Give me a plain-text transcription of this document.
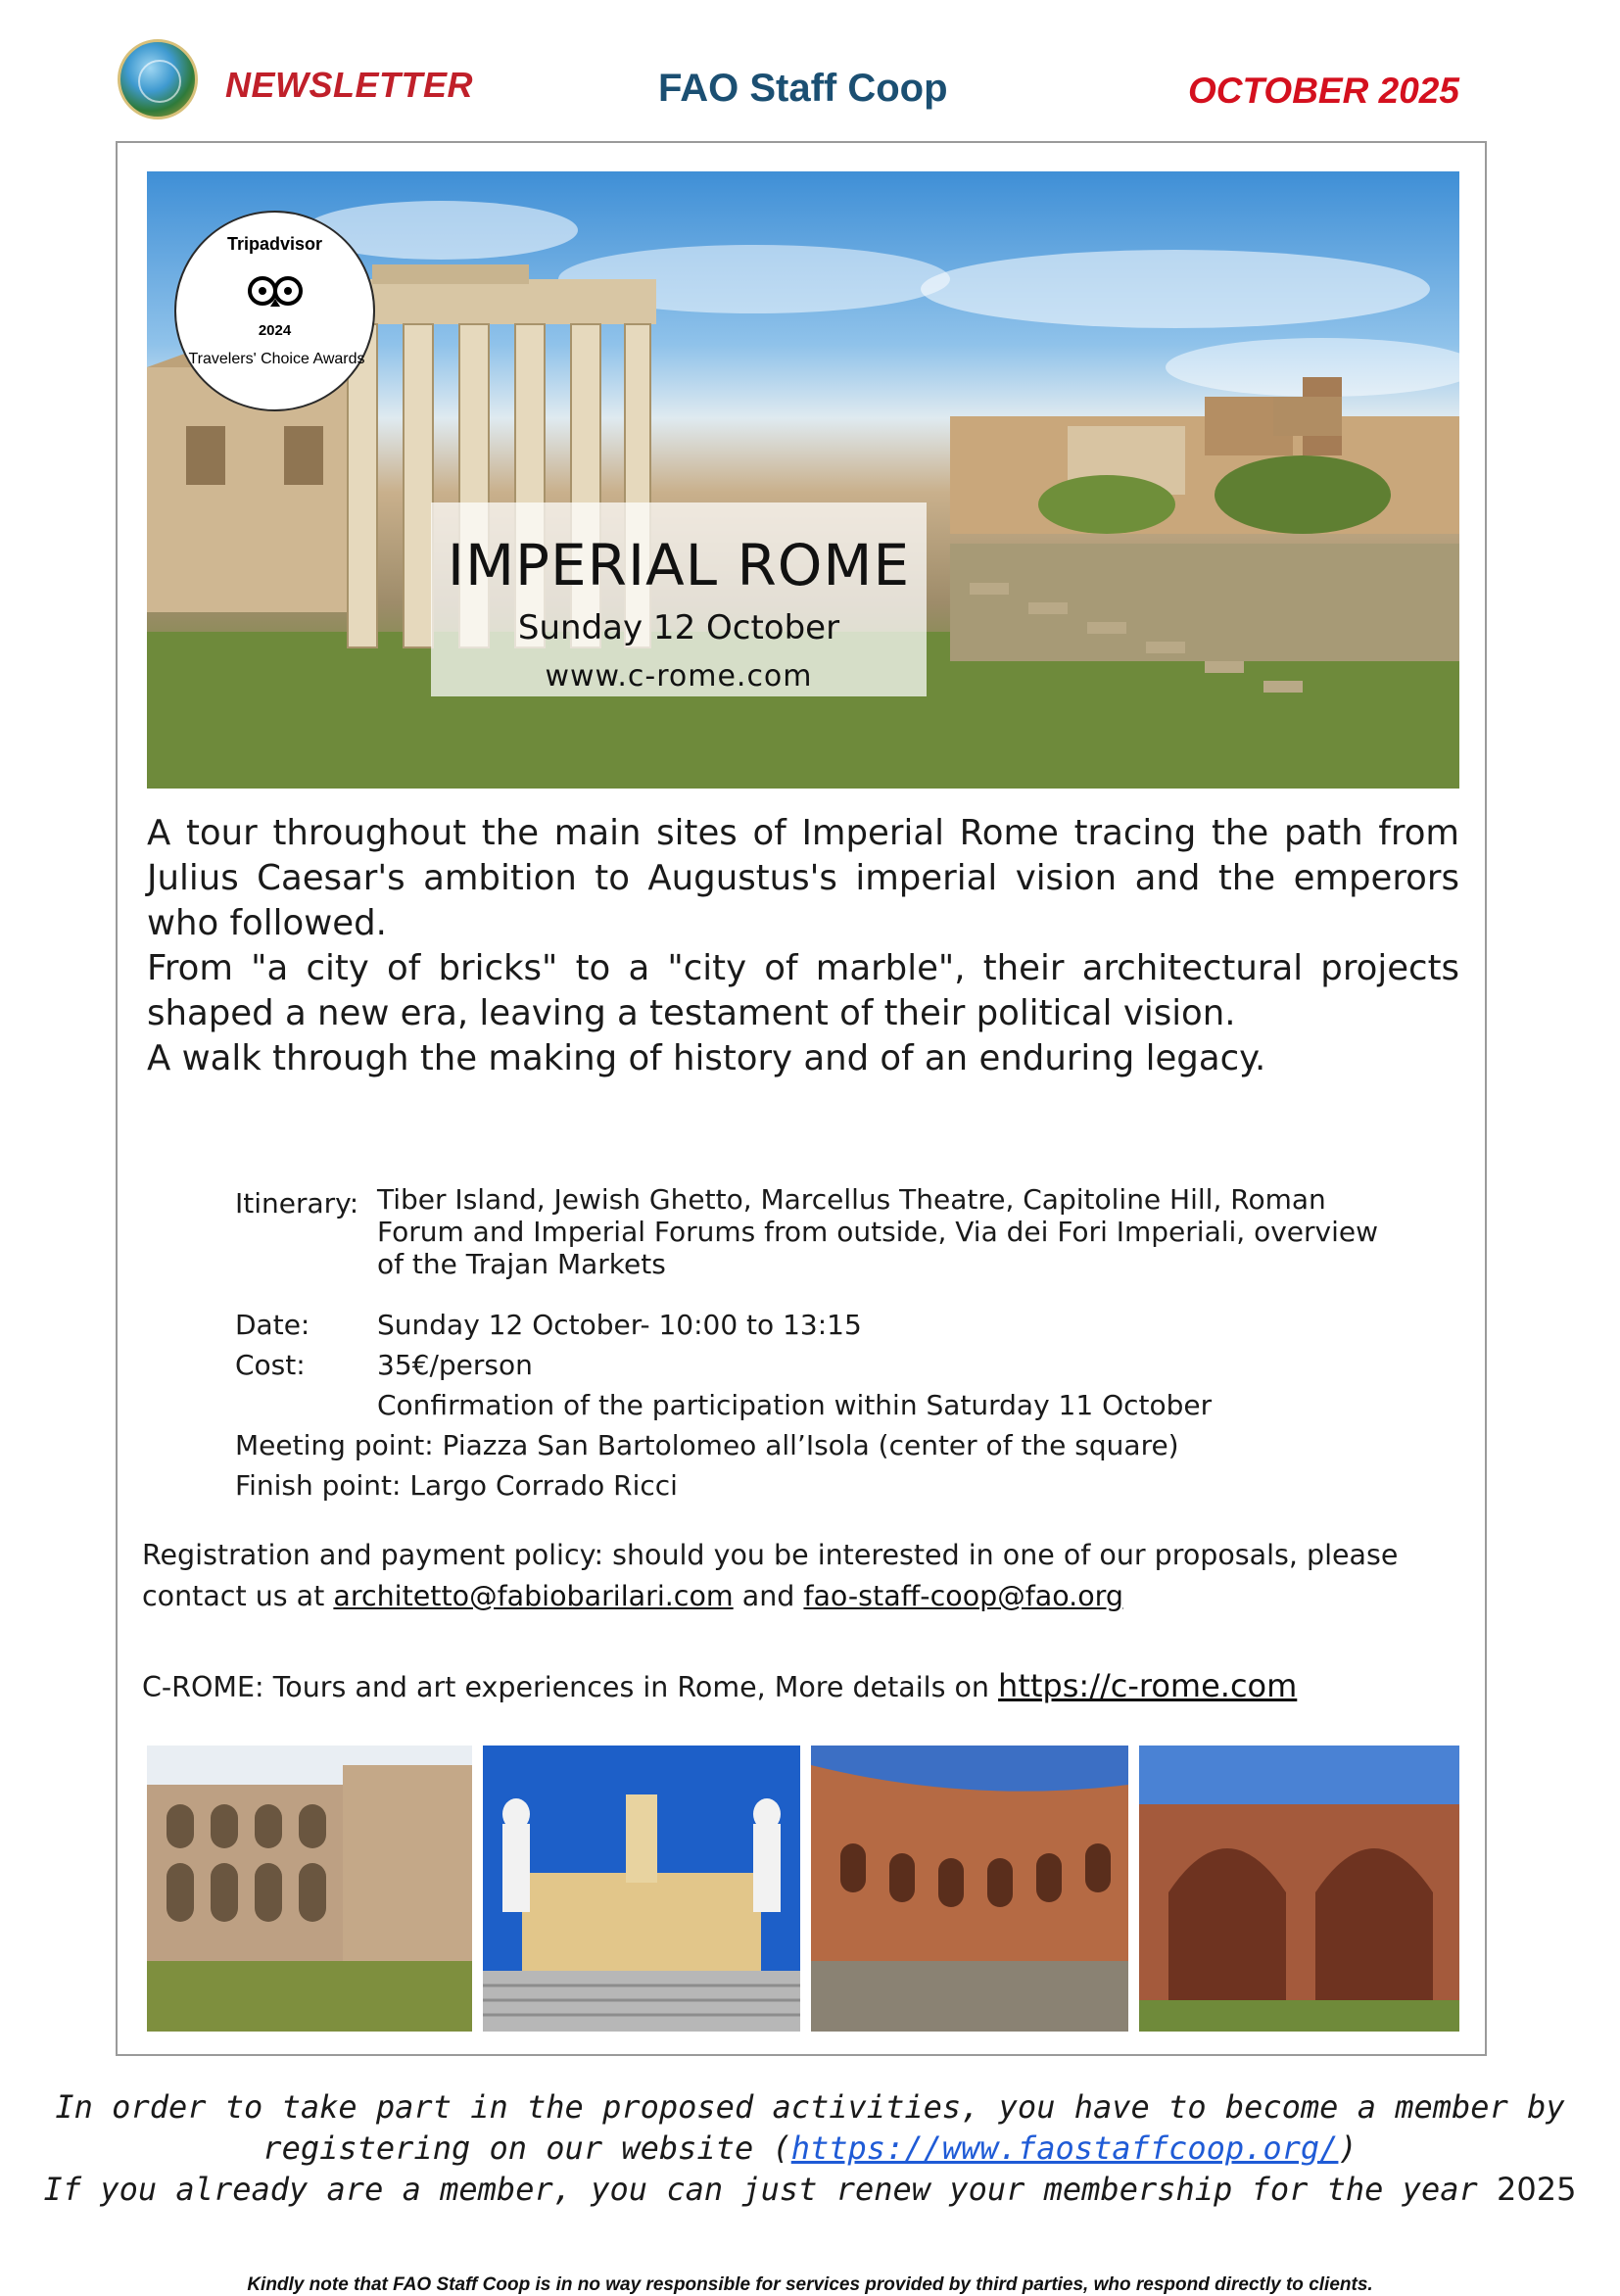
NEWSLETTER	FAO Staff Coop	OCTOBER 2025
Tripadvisor
2024
Travelers' Choice Awards
IMPERIAL ROME
Sunday 12 October
www.c-rome.com

A tour throughout the main sites of Imperial Rome tracing the path from Julius Caesar's ambition to Augustus's imperial vision and the emperors who followed.

From "a city of bricks" to a "city of marble", their architectural projects shaped a new era, leaving a testament of their political vision.

A walk through the making of history and of an enduring legacy.

Itinerary: Tiber Island, Jewish Ghetto, Marcellus Theatre, Capitoline Hill, Roman Forum and Imperial Forums from outside, Via dei Fori Imperiali, overview of the Trajan Markets
Date: Sunday 12 October- 10:00 to 13:15
Cost:	35€/person
Confirmation of the participation within Saturday 11 October
Meeting point: Piazza San Bartolomeo all’Isola (center of the square)
Finish point: Largo Corrado Ricci
Registration and payment policy: should you be interested in one of our proposals, please contact us at architetto@fabiobarilari.com and fao-staff-coop@fao.org
C-ROME: Tours and art experiences in Rome, More details on https://c-rome.com
In order to take part in the proposed activities, you have to become a member by
registering on our website (https://www.faostaffcoop.org/)
If you already are a member, you can just renew your membership for the year 2025
Kindly note that FAO Staff Coop is in no way responsible for services provided by third parties, who respond directly to clients.
